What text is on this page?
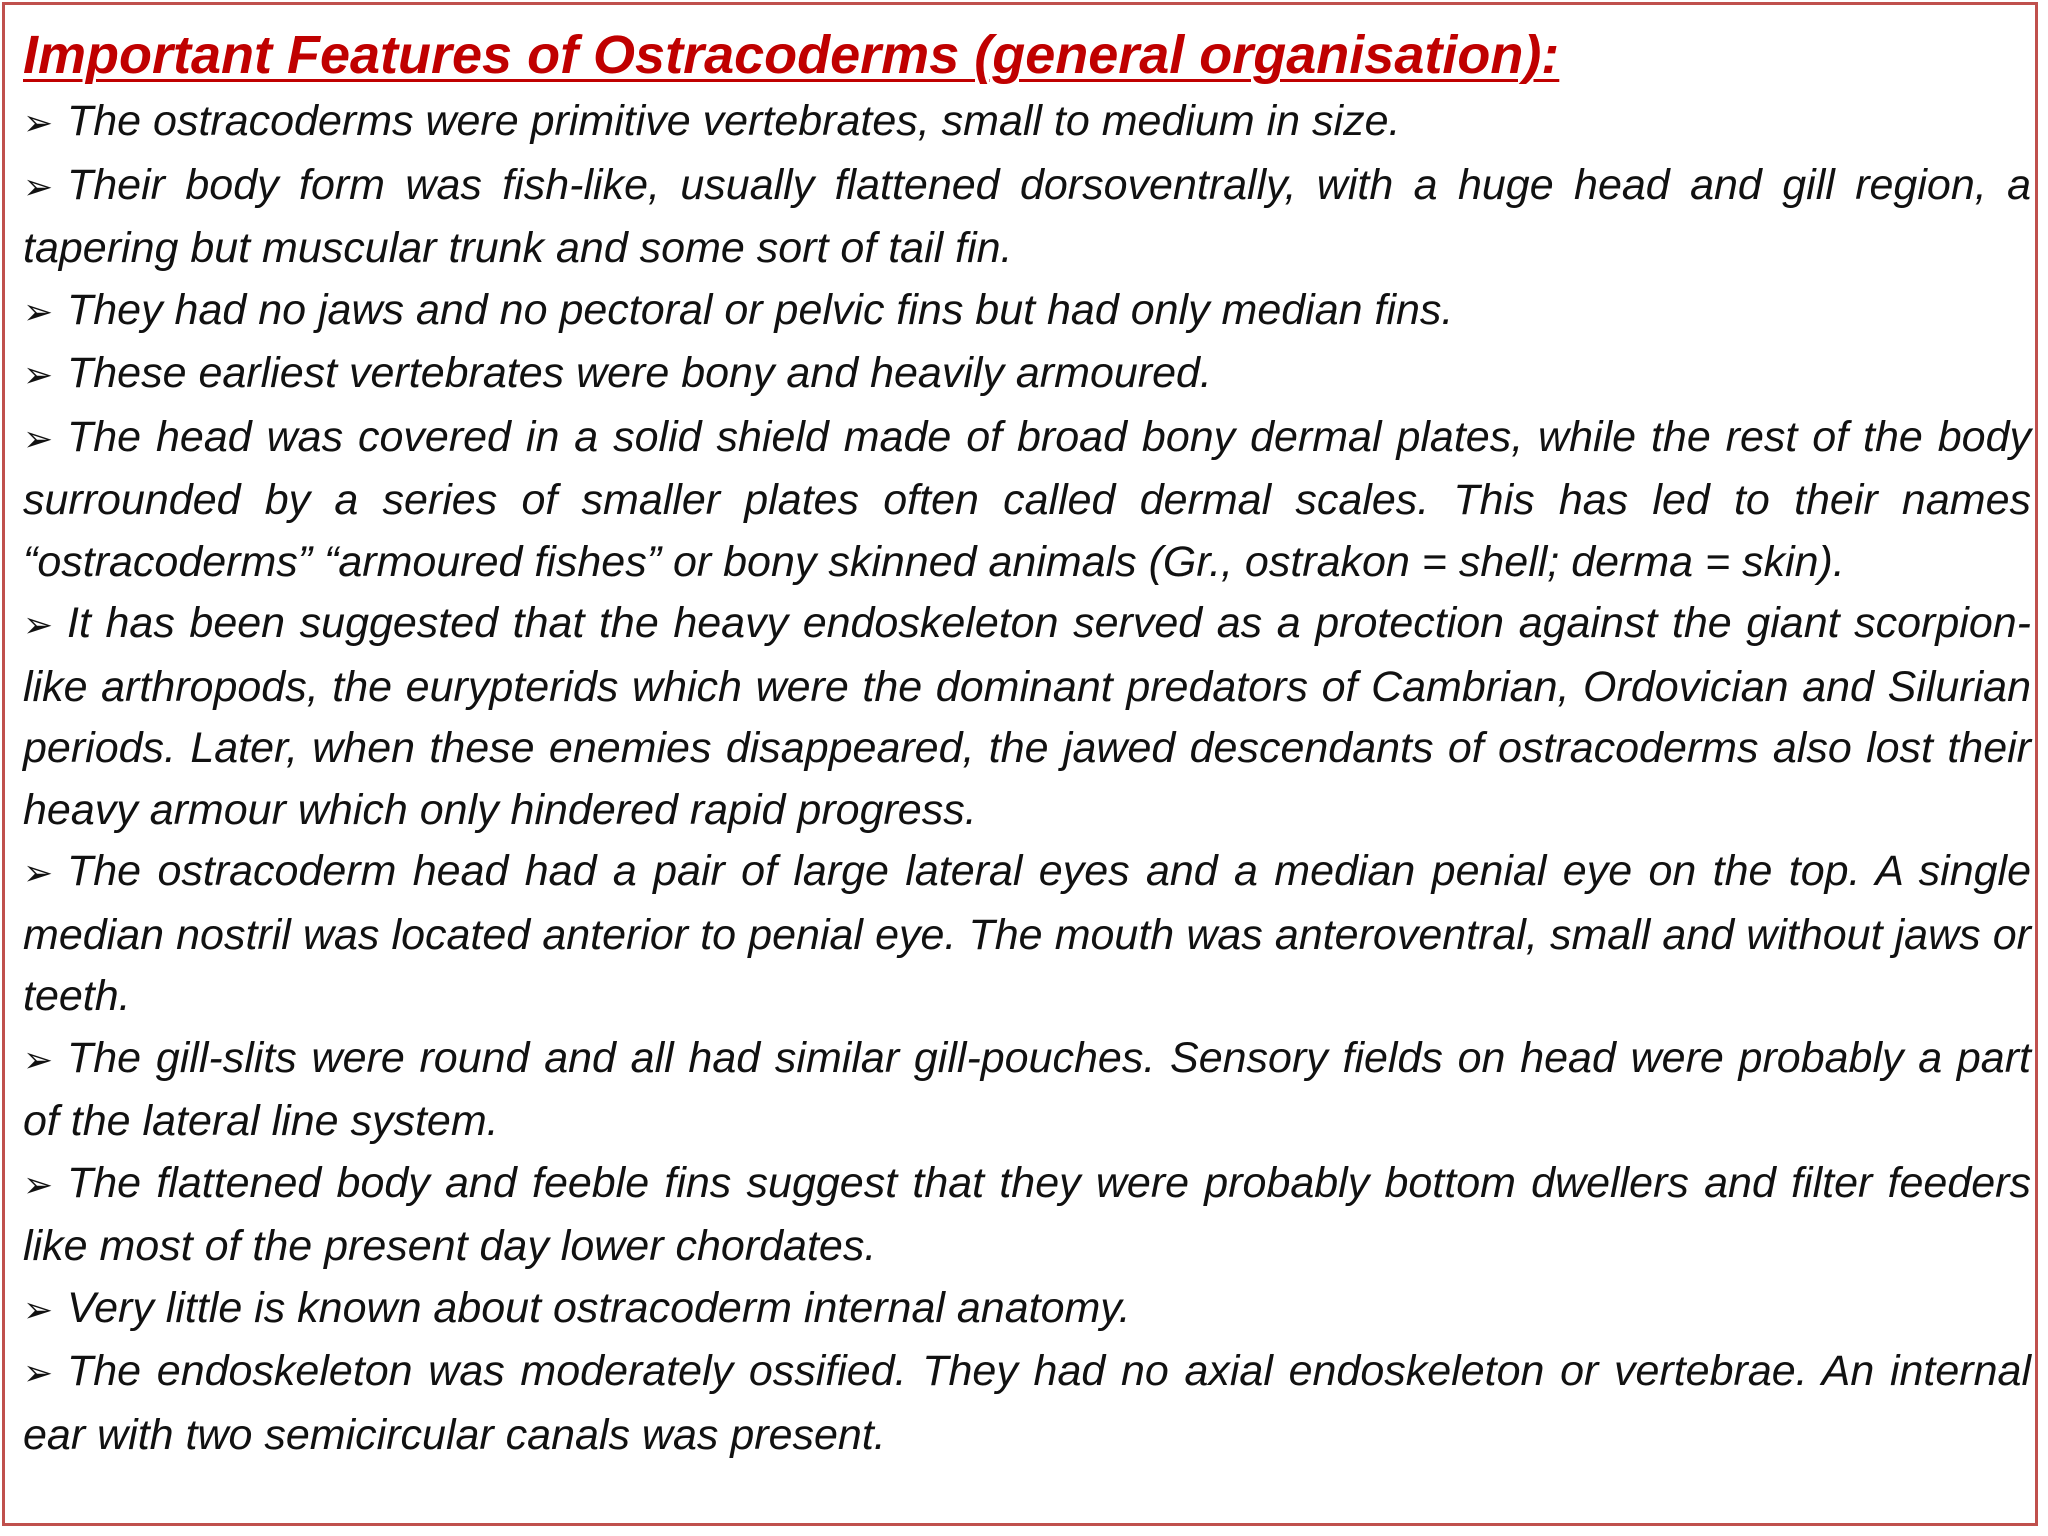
Important Features of Ostracoderms (general organisation):
➢ The ostracoderms were primitive vertebrates, small to medium in size.
➢ Their body form was fish-like, usually flattened dorsoventrally, with a huge head and gill region, a tapering but muscular trunk and some sort of tail fin.
➢ They had no jaws and no pectoral or pelvic fins but had only median fins.
➢ These earliest vertebrates were bony and heavily armoured.
➢ The head was covered in a solid shield made of broad bony dermal plates, while the rest of the body surrounded by a series of smaller plates often called dermal scales. This has led to their names “ostracoderms” “armoured fishes” or bony skinned animals (Gr., ostrakon = shell; derma = skin).
➢ It has been suggested that the heavy endoskeleton served as a protection against the giant scorpion-like arthropods, the eurypterids which were the dominant predators of Cambrian, Ordovician and Silurian periods. Later, when these enemies disappeared, the jawed descendants of ostracoderms also lost their heavy armour which only hindered rapid progress.
➢ The ostracoderm head had a pair of large lateral eyes and a median penial eye on the top. A single median nostril was located anterior to penial eye. The mouth was anteroventral, small and without jaws or teeth.
➢ The gill-slits were round and all had similar gill-pouches. Sensory fields on head were probably a part of the lateral line system.
➢ The flattened body and feeble fins suggest that they were probably bottom dwellers and filter feeders like most of the present day lower chordates.
➢ Very little is known about ostracoderm internal anatomy.
➢ The endoskeleton was moderately ossified. They had no axial endoskeleton or vertebrae. An internal ear with two semicircular canals was present.
